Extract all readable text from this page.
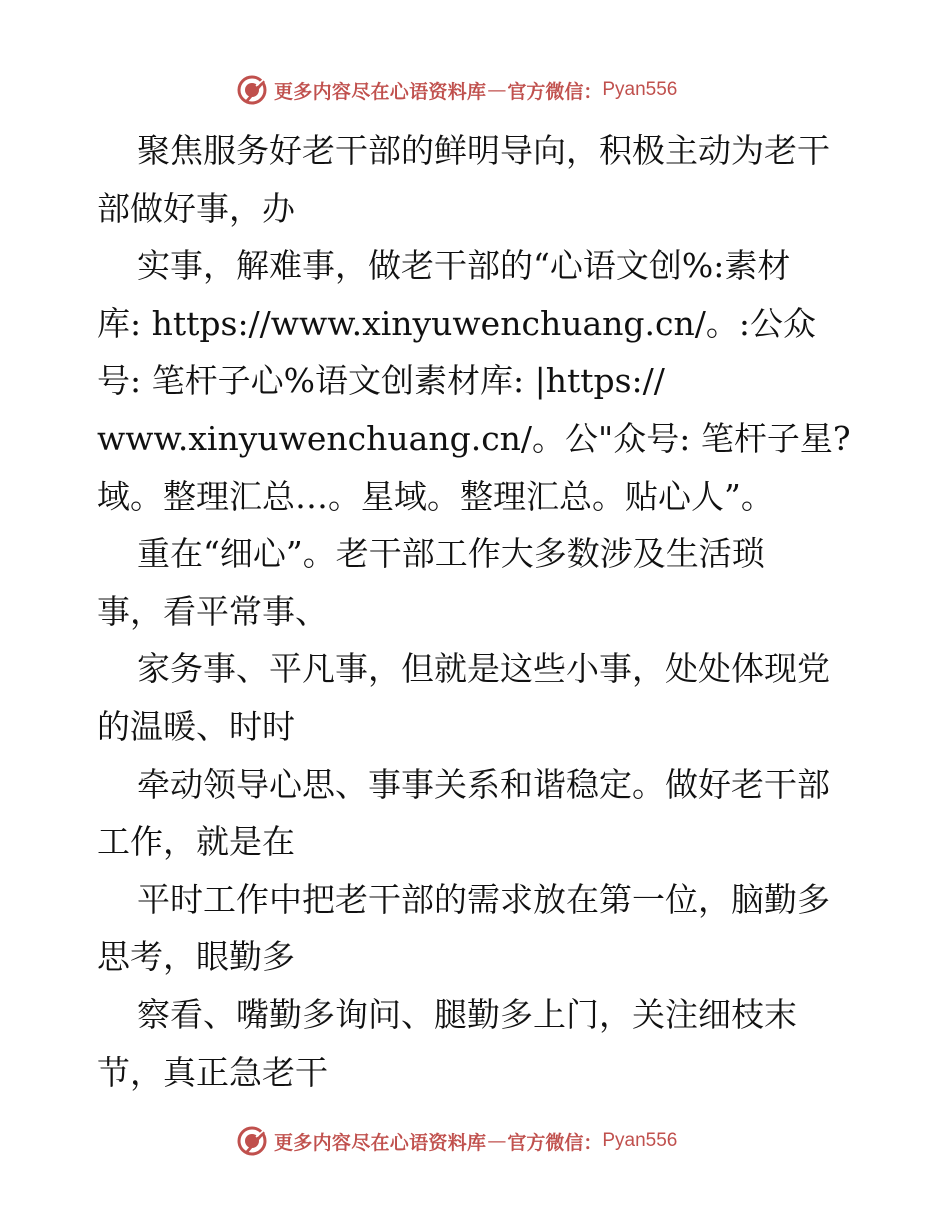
更多内容尽在心语资料库 — 官方微信： Pyan556
聚焦服务好老干部的鲜明导向，积极主动为老干
部做好事，办
实事，解难事，做老干部的“心语文创%:素材
库: https://www.xinyuwenchuang.cn/。:公众
号: 笔杆子心%语文创素材库: |https://
www.xinyuwenchuang.cn/。公"众号: 笔杆子星?
域。整理汇总…。星域。整理汇总。贴心人”。
重在“细心”。老干部工作大多数涉及生活琐
事，看平常事、
家务事、平凡事，但就是这些小事，处处体现党
的温暖、时时
牵动领导心思、事事关系和谐稳定。做好老干部
工作，就是在
平时工作中把老干部的需求放在第一位，脑勤多
思考，眼勤多
察看、嘴勤多询问、腿勤多上门，关注细枝末
节，真正急老干
更多内容尽在心语资料库 — 官方微信： Pyan556
